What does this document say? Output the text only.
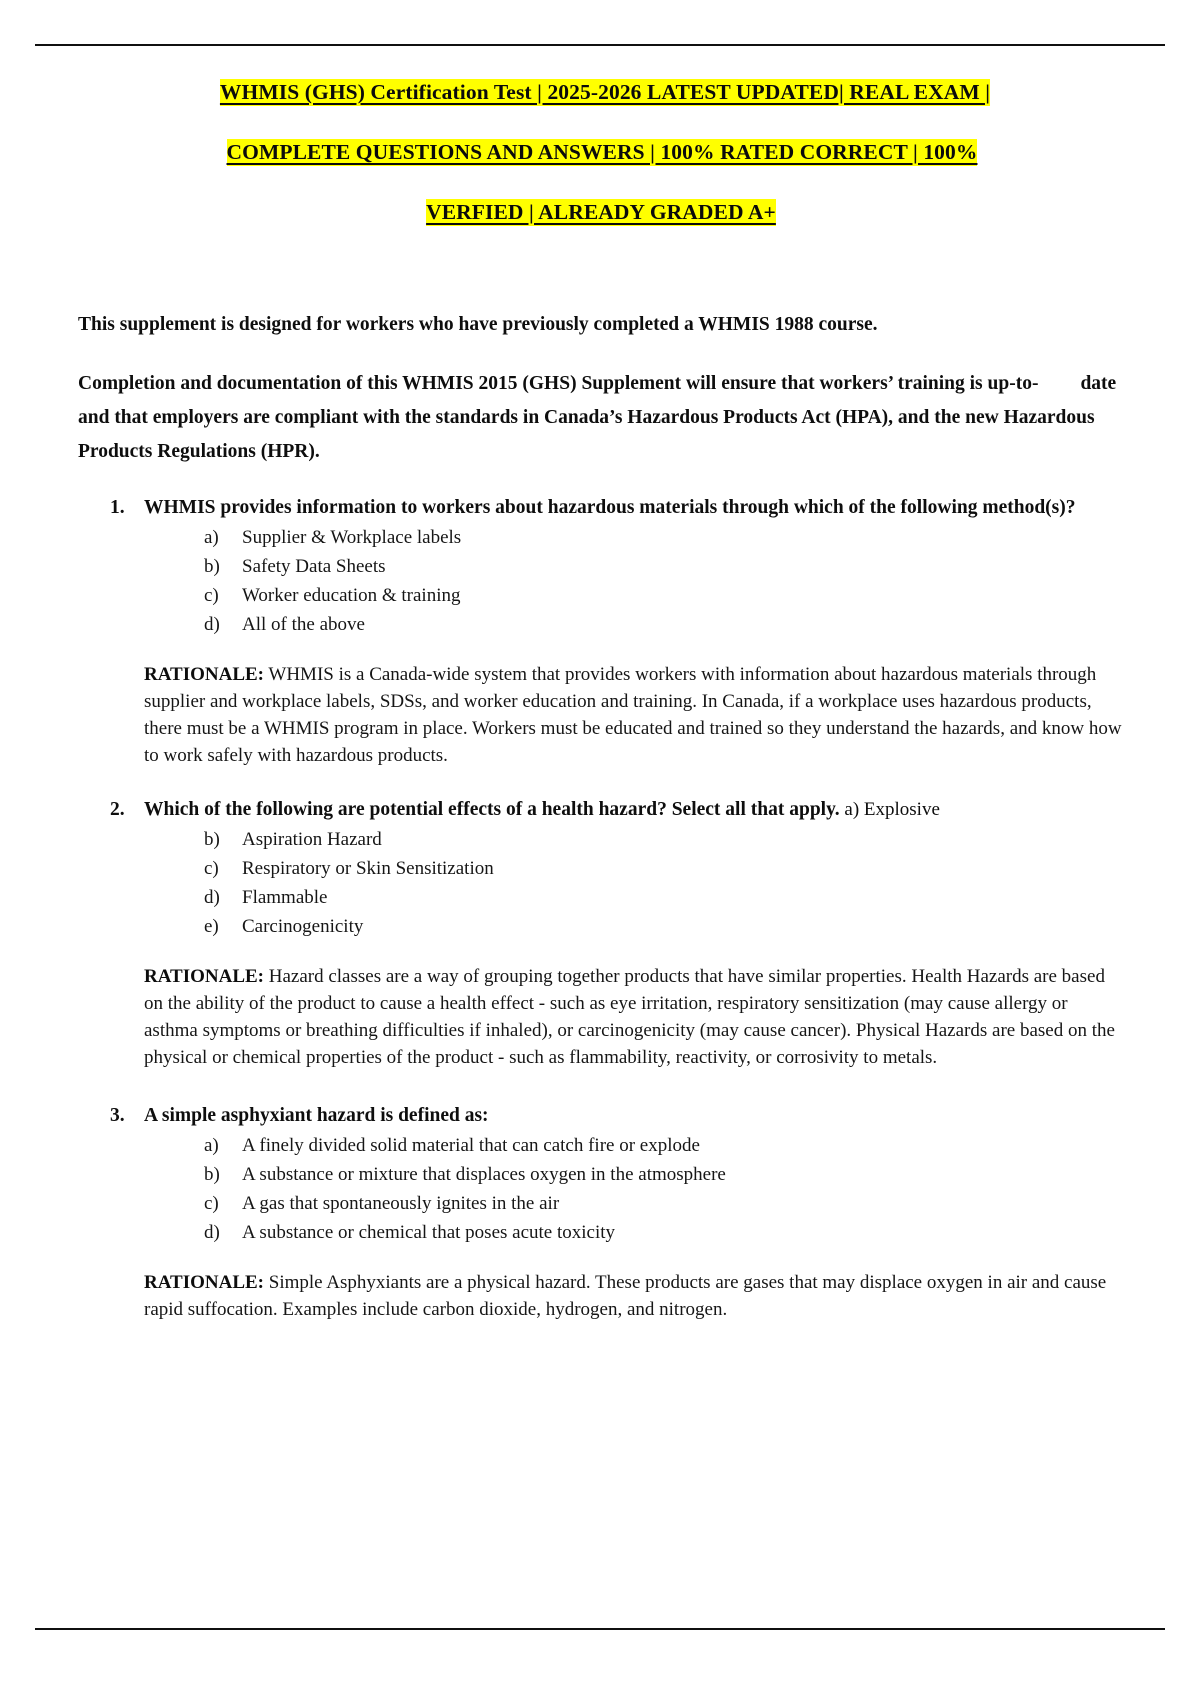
WHMIS (GHS) Certification Test | 2025-2026 LATEST UPDATED| REAL EXAM |
COMPLETE QUESTIONS AND ANSWERS | 100% RATED CORRECT | 100%
VERFIED | ALREADY GRADED A+

This supplement is designed for workers who have previously completed a WHMIS 1988 course.

Completion and documentation of this WHMIS 2015 (GHS) Supplement will ensure that workers’ training is up-to- date and that employers are compliant with the standards in Canada’s Hazardous Products Act (HPA), and the new Hazardous Products Regulations (HPR).

1. WHMIS provides information to workers about hazardous materials through which of the following method(s)?

a) Supplier & Workplace labels
b) Safety Data Sheets
c) Worker education & training
d) All of the above

RATIONALE: WHMIS is a Canada-wide system that provides workers with information about hazardous materials through supplier and workplace labels, SDSs, and worker education and training. In Canada, if a workplace uses hazardous products, there must be a WHMIS program in place. Workers must be educated and trained so they understand the hazards, and know how to work safely with hazardous products.

2. Which of the following are potential effects of a health hazard? Select all that apply. a) Explosive

b) Aspiration Hazard
c) Respiratory or Skin Sensitization
d) Flammable
e) Carcinogenicity

RATIONALE: Hazard classes are a way of grouping together products that have similar properties. Health Hazards are based on the ability of the product to cause a health effect - such as eye irritation, respiratory sensitization (may cause allergy or asthma symptoms or breathing difficulties if inhaled), or carcinogenicity (may cause cancer). Physical Hazards are based on the physical or chemical properties of the product - such as flammability, reactivity, or corrosivity to metals.

3. A simple asphyxiant hazard is defined as:

a) A finely divided solid material that can catch fire or explode
b) A substance or mixture that displaces oxygen in the atmosphere
c) A gas that spontaneously ignites in the air
d) A substance or chemical that poses acute toxicity

RATIONALE: Simple Asphyxiants are a physical hazard. These products are gases that may displace oxygen in air and cause rapid suffocation. Examples include carbon dioxide, hydrogen, and nitrogen.
